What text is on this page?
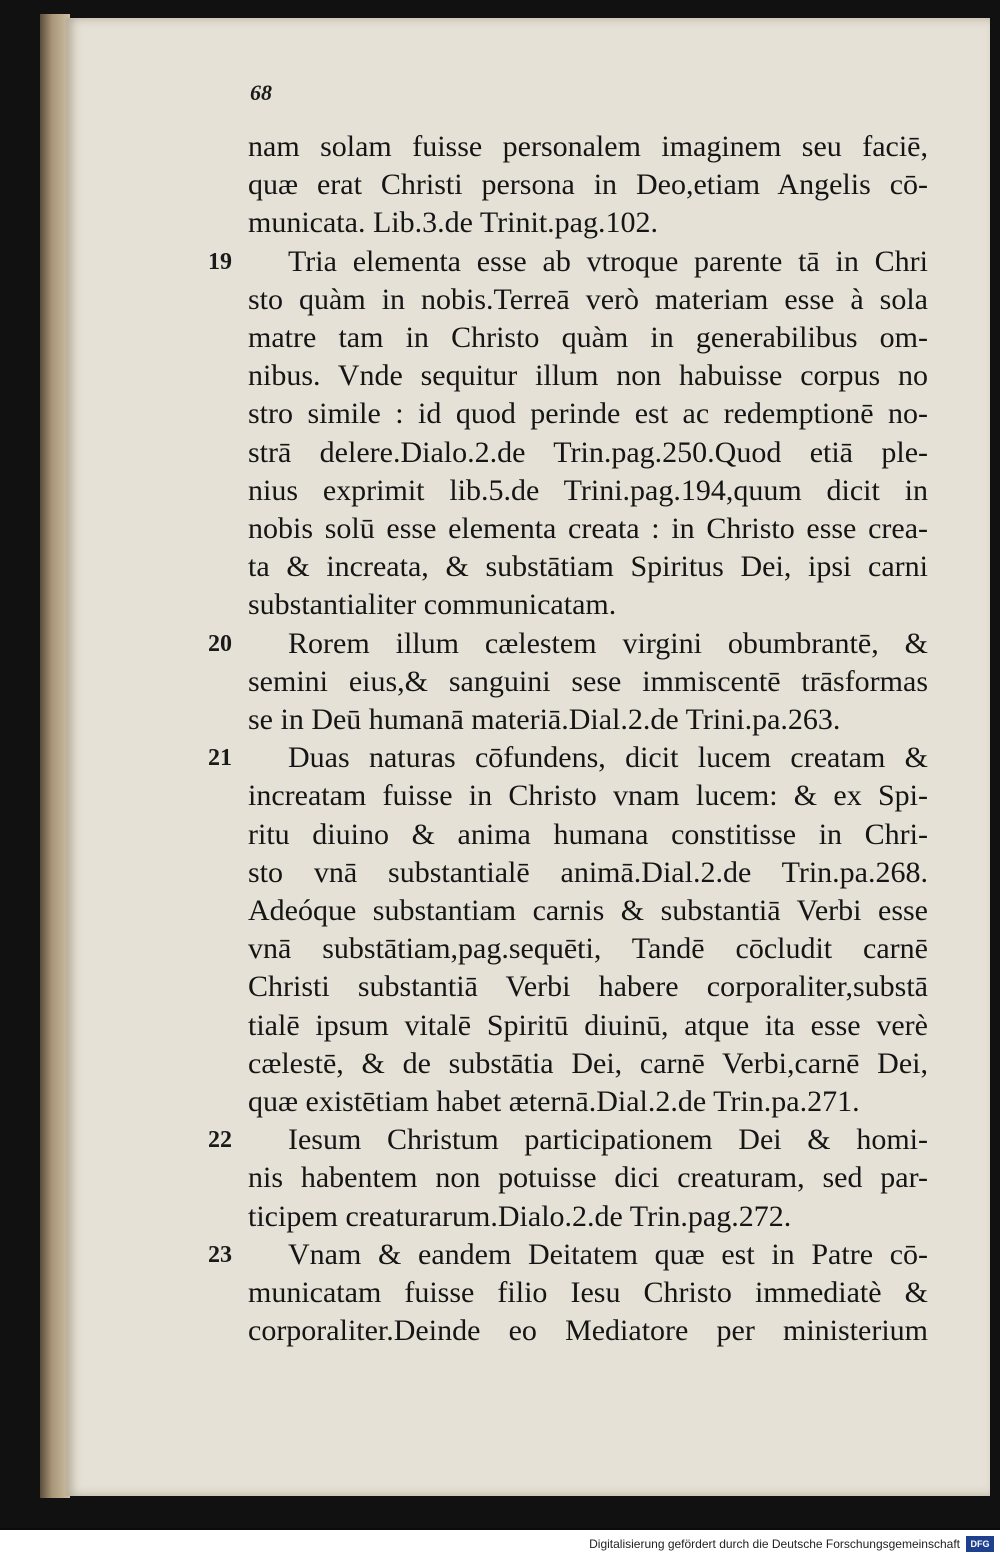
68
nam solam fuisse personalem imaginem seu faciē,
quæ erat Christi persona in Deo,etiam Angelis cō-
municata. Lib.3.de Trinit.pag.102.
Tria elementa esse ab vtroque parente tā in Chri
sto quàm in nobis.Terreā verò materiam esse à sola
matre tam in Christo quàm in generabilibus om-
nibus. Vnde sequitur illum non habuisse corpus no
stro simile : id quod perinde est ac redemptionē no-
strā delere.Dialo.2.de Trin.pag.250.Quod etiā ple-
nius exprimit lib.5.de Trini.pag.194,quum dicit in
nobis solū esse elementa creata : in Christo esse crea-
ta & increata, & substātiam Spiritus Dei, ipsi carni
substantialiter communicatam.
Rorem illum cælestem virgini obumbrantē, &
semini eius,& sanguini sese immiscentē trāsformas
se in Deū humanā materiā.Dial.2.de Trini.pa.263.
Duas naturas cōfundens, dicit lucem creatam &
increatam fuisse in Christo vnam lucem: & ex Spi-
ritu diuino & anima humana constitisse in Chri-
sto vnā substantialē animā.Dial.2.de Trin.pa.268.
Adeóque substantiam carnis & substantiā Verbi esse
vnā substātiam,pag.sequēti, Tandē cōcludit carnē
Christi substantiā Verbi habere corporaliter,substā
tialē ipsum vitalē Spiritū diuinū, atque ita esse verè
cælestē, & de substātia Dei, carnē Verbi,carnē Dei,
quæ existētiam habet æternā.Dial.2.de Trin.pa.271.
Iesum Christum participationem Dei & homi-
nis habentem non potuisse dici creaturam, sed par-
ticipem creaturarum.Dialo.2.de Trin.pag.272.
Vnam & eandem Deitatem quæ est in Patre cō-
municatam fuisse filio Iesu Christo immediatè &
corporaliter.Deinde eo Mediatore per ministerium
19
20
21
22
23
Digitalisierung gefördert durch die Deutsche Forschungsgemeinschaft	DFG
